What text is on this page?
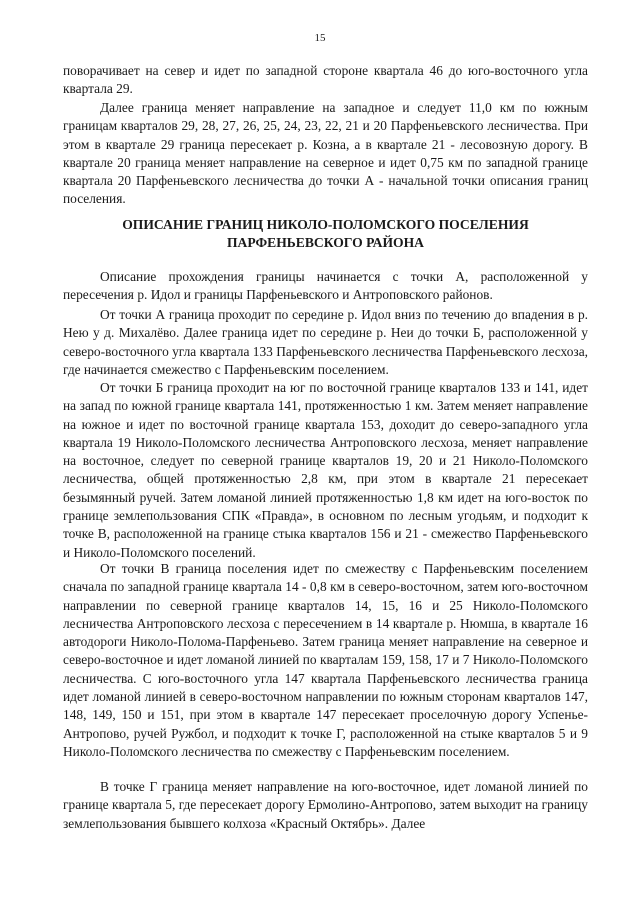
15

поворачивает на север и идет по западной стороне квартала 46 до юго-восточного угла квартала 29.

Далее граница меняет направление на западное и следует 11,0 км по южным границам кварталов 29, 28, 27, 26, 25, 24, 23, 22, 21 и 20 Парфеньевского лесничества. При этом в квартале 29 граница пересекает р. Козна, а в квартале 21 - лесовозную дорогу. В квартале 20 граница меняет направление на северное и идет 0,75 км по западной границе квартала 20 Парфеньевского лесничества до точки А - начальной точки описания границ поселения.

ОПИСАНИЕ ГРАНИЦ НИКОЛО-ПОЛОМСКОГО ПОСЕЛЕНИЯ
ПАРФЕНЬЕВСКОГО РАЙОНА

Описание прохождения границы начинается с точки А, расположенной у пересечения р. Идол и границы Парфеньевского и Антроповского районов.

От точки А граница проходит по середине р. Идол вниз по течению до впадения в р. Нею у д. Михалёво. Далее граница идет по середине р. Неи до точки Б, расположенной у северо-восточного угла квартала 133 Парфеньевского лесничества Парфеньевского лесхоза, где начинается смежество с Парфеньевским поселением.

От точки Б граница проходит на юг по восточной границе кварталов 133 и 141, идет на запад по южной границе квартала 141, протяженностью 1 км. Затем меняет направление на южное и идет по восточной границе квартала 153, доходит до северо-западного угла квартала 19 Николо-Поломского лесничества Антроповского лесхоза, меняет направление на восточное, следует по северной границе кварталов 19, 20 и 21 Николо-Поломского лесничества, общей протяженностью 2,8 км, при этом в квартале 21 пересекает безымянный ручей. Затем ломаной линией протяженностью 1,8 км идет на юго-восток по границе землепользования СПК «Правда», в основном по лесным угодьям, и подходит к точке В, расположенной на границе стыка кварталов 156 и 21 - смежество Парфеньевского и Николо-Поломского поселений.

От точки В граница поселения идет по смежеству с Парфеньевским поселением сначала по западной границе квартала 14 - 0,8 км в северо-восточном, затем юго-восточном направлении по северной границе кварталов 14, 15, 16 и 25 Николо-Поломского лесничества Антроповского лесхоза с пересечением в 14 квартале р. Нюмша, в квартале 16 автодороги Николо-Полома-Парфеньево. Затем граница меняет направление на северное и северо-восточное и идет ломаной линией по кварталам 159, 158, 17 и 7 Николо-Поломского лесничества. С юго-восточного угла 147 квартала Парфеньевского лесничества граница идет ломаной линией в северо-восточном направлении по южным сторонам кварталов 147, 148, 149, 150 и 151, при этом в квартале 147 пересекает проселочную дорогу Успенье-Антропово, ручей Ружбол, и подходит к точке Г, расположенной на стыке кварталов 5 и 9 Николо-Поломского лесничества по смежеству с Парфеньевским поселением.

В точке Г граница меняет направление на юго-восточное, идет ломаной линией по границе квартала 5, где пересекает дорогу Ермолино-Антропово, затем выходит на границу землепользования бывшего колхоза «Красный Октябрь». Далее
